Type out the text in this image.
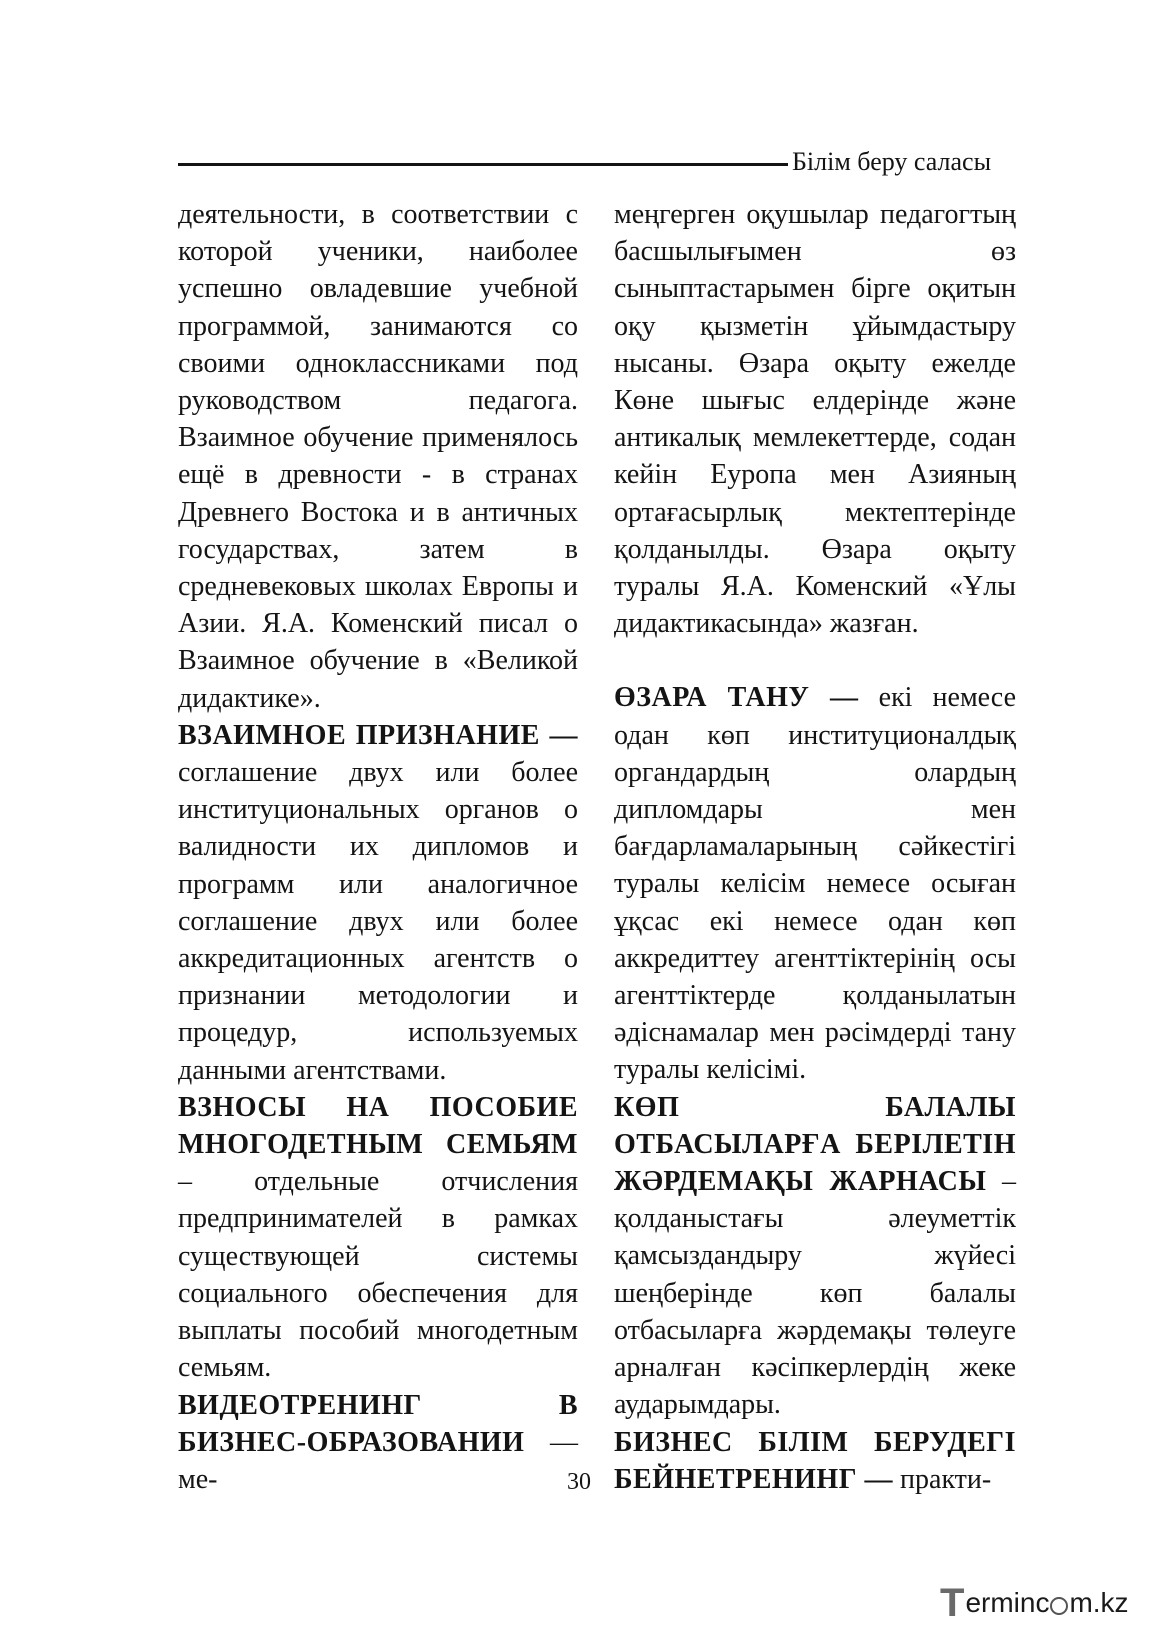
Білім беру саласы

деятельности, в соответствии с которой ученики, наиболее успешно овладевшие учебной программой, занимаются со своими одноклассниками под руководством педагога. Взаимное обучение применялось ещё в древности - в странах Древнего Востока и в античных государствах, затем в средневековых школах Европы и Азии. Я.А. Коменский писал о Взаимное обучение в «Великой дидактике».

ВЗАИМНОЕ ПРИЗНАНИЕ — соглашение двух или более институциональных органов о валидности их дипломов и программ или аналогичное соглашение двух или более аккредитационных агентств о признании методологии и процедур, используемых данными агентствами.

ВЗНОСЫ НА ПОСОБИЕ МНОГОДЕТНЫМ СЕМЬЯМ – отдельные отчисления предпринимателей в рамках существующей системы социального обеспечения для выплаты пособий многодетным семьям.

ВИДЕОТРЕНИНГ В БИЗНЕС-ОБРАЗОВАНИИ — ме-

меңгерген оқушылар педагогтың басшылығымен өз сыныптастарымен бірге оқитын оқу қызметін ұйымдастыру нысаны. Өзара оқыту ежелде Көне шығыс елдерінде және антикалық мемлекеттерде, содан кейін Еуропа мен Азияның ортағасырлық мектептерінде қолданылды. Өзара оқыту туралы Я.А. Коменский «Ұлы дидактикасында» жазған.

ӨЗАРА ТАНУ — екі немесе одан көп институционалдық органдардың олардың дипломдары мен бағдарламаларының сәйкестігі туралы келісім немесе осыған ұқсас екі немесе одан көп аккредиттеу агенттіктерінің осы агенттіктерде қолданылатын әдіснамалар мен рәсімдерді тану туралы келісімі.

КӨП БАЛАЛЫ ОТБАСЫЛАРҒА БЕРІЛЕТІН ЖӘРДЕМАҚЫ ЖАРНАСЫ – қолданыстағы әлеуметтік қамсыздандыру жүйесі шеңберінде көп балалы отбасыларға жәрдемақы төлеуге арналған кәсіпкерлердің жеке аударымдары.

БИЗНЕС БІЛІМ БЕРУДЕГІ БЕЙНЕТРЕНИНГ — практи-

30
T erminc m.kz
